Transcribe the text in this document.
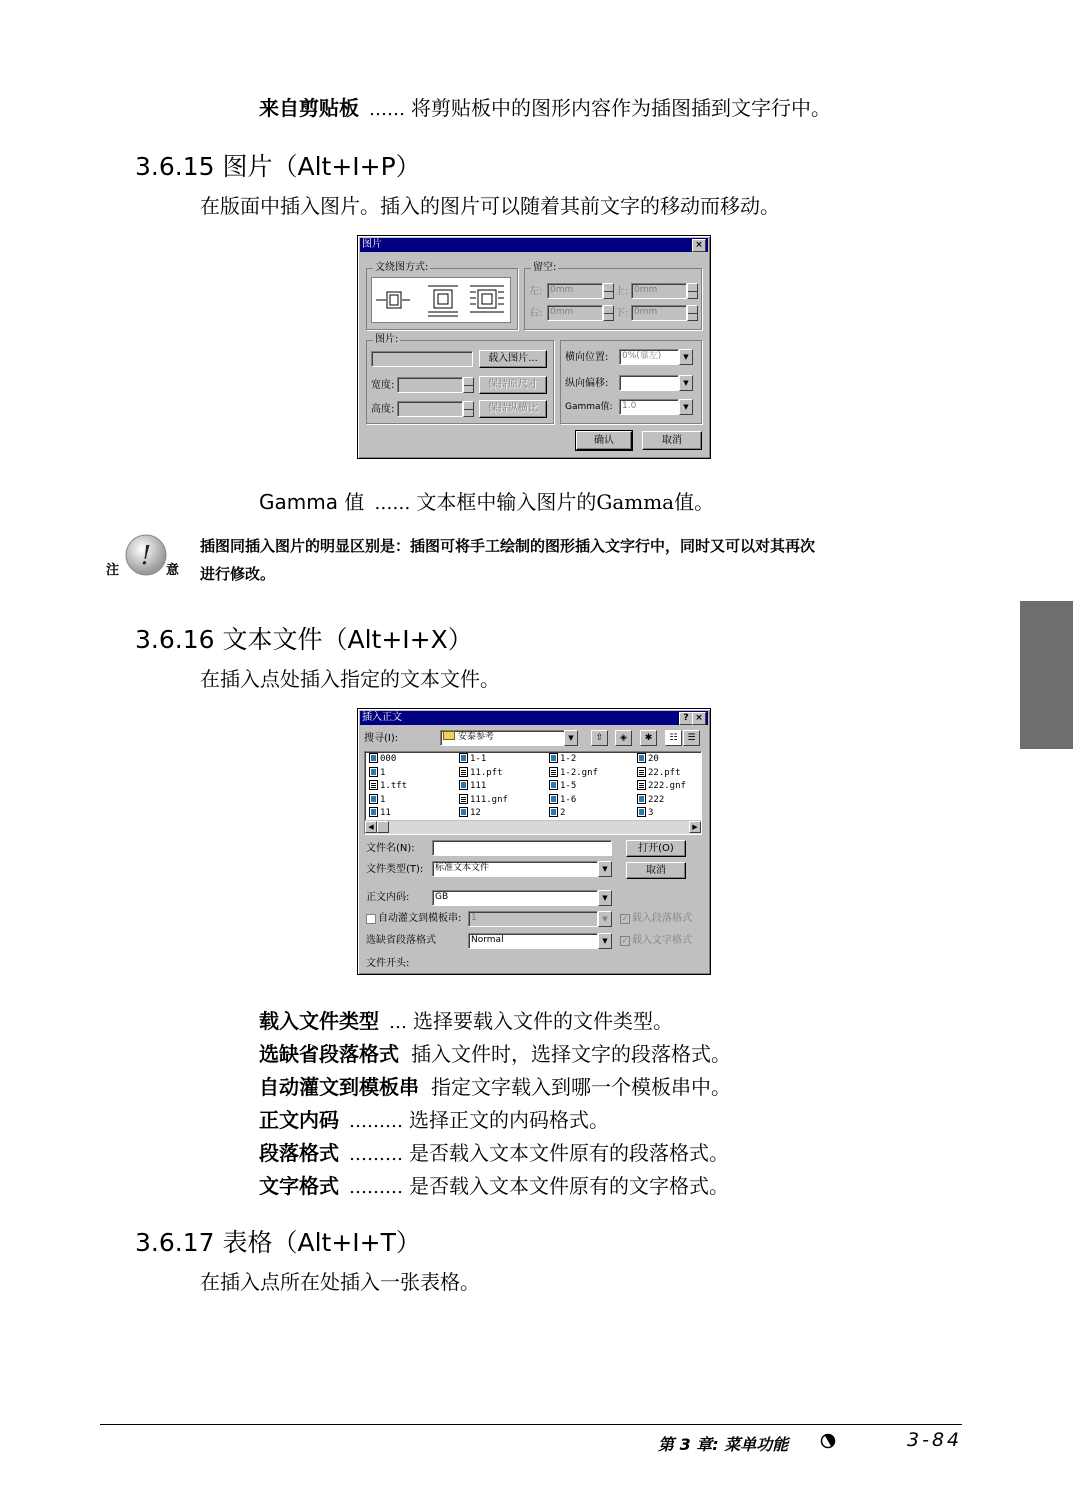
来自剪贴板 …… 将剪贴板中的图形内容作为插图插到文字行中。
3.6.15 图片（Alt+I+P）
在版面中插入图片。插入的图片可以随着其前文字的移动而移动。
图片	×
文绕图方式:	留空:
左: 0mm	上: 0mm
右: 0mm	下: 0mm
图片:
载入图片...
宽度:	保持原尺寸
高度:	保持纵横比
横向位置:	0%(靠左)	▼
纵向偏移:	▼
Gamma值:	1.0	▼
确认	取消
Gamma 值 …… 文本框中输入图片的Gamma值。
!
注	意
插图同插入图片的明显区别是：插图可将手工绘制的图形插入文字行中，同时又可以对其再次
进行修改。
3.6.16 文本文件（Alt+I+X）
在插入点处插入指定的文本文件。
插入正文	? ×
搜寻(I):	安泰参考	▼	⇧	◈	✱	☷	☰
000	1-1	1-2	20
1	11.pft	1-2.gnf	22.pft
1.tft	111	1-5	222.gnf
1	111.gnf	1-6	222
11	12	2	3
◀	▶
文件名(N):	打开(O)
文件类型(T):	标准文本文件	▼	取消
正文内码:	GB	▼
自动灌文到模板串:	1	▼	✓ 载入段落格式
选缺省段落格式	Normal	▼	✓ 载入文字格式
文件开头:
载入文件类型 … 选择要载入文件的文件类型。
选缺省段落格式 插入文件时，选择文字的段落格式。
自动灌文到模板串 指定文字载入到哪一个模板串中。
正文内码 ……… 选择正文的内码格式。
段落格式 ……… 是否载入文本文件原有的段落格式。
文字格式 ……… 是否载入文本文件原有的文字格式。
3.6.17 表格（Alt+I+T）
在插入点所在处插入一张表格。
第 3 章: 菜单功能	3-84
